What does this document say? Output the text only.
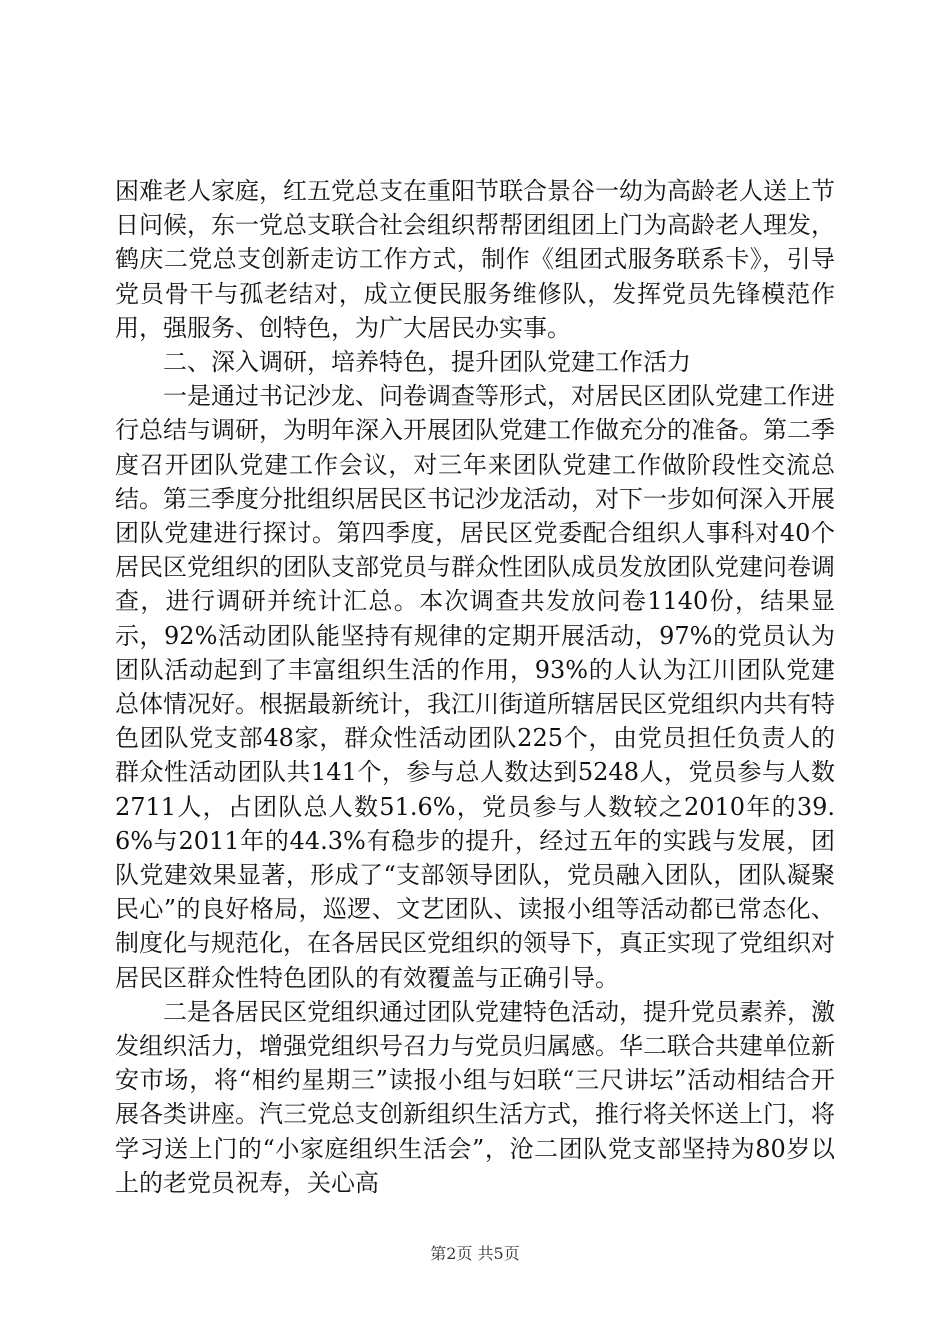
困难老人家庭，红五党总支在重阳节联合景谷一幼为高龄老人送上节日问候，东一党总支联合社会组织帮帮团组团上门为高龄老人理发，鹤庆二党总支创新走访工作方式，制作《组团式服务联系卡》，引导党员骨干与孤老结对，成立便民服务维修队，发挥党员先锋模范作用，强服务、创特色，为广大居民办实事。

二、深入调研，培养特色，提升团队党建工作活力

一是通过书记沙龙、问卷调查等形式，对居民区团队党建工作进行总结与调研，为明年深入开展团队党建工作做充分的准备。第二季度召开团队党建工作会议，对三年来团队党建工作做阶段性交流总结。第三季度分批组织居民区书记沙龙活动，对下一步如何深入开展团队党建进行探讨。第四季度，居民区党委配合组织人事科对40个居民区党组织的团队支部党员与群众性团队成员发放团队党建问卷调查，进行调研并统计汇总。本次调查共发放问卷1140份，结果显示，92%活动团队能坚持有规律的定期开展活动，97%的党员认为团队活动起到了丰富组织生活的作用，93%的人认为江川团队党建总体情况好。根据最新统计，我江川街道所辖居民区党组织内共有特色团队党支部48家，群众性活动团队225个，由党员担任负责人的群众性活动团队共141个，参与总人数达到5248人，党员参与人数2711人，占团队总人数51.6%，党员参与人数较之2010年的39.6%与2011年的44.3%有稳步的提升，经过五年的实践与发展，团队党建效果显著，形成了“支部领导团队，党员融入团队，团队凝聚民心”的良好格局，巡逻、文艺团队、读报小组等活动都已常态化、制度化与规范化，在各居民区党组织的领导下，真正实现了党组织对居民区群众性特色团队的有效覆盖与正确引导。

二是各居民区党组织通过团队党建特色活动，提升党员素养，激发组织活力，增强党组织号召力与党员归属感。华二联合共建单位新安市场，将“相约星期三”读报小组与妇联“三尺讲坛”活动相结合开展各类讲座。汽三党总支创新组织生活方式，推行将关怀送上门，将学习送上门的“小家庭组织生活会”，沧二团队党支部坚持为80岁以上的老党员祝寿，关心高

第2页 共5页
